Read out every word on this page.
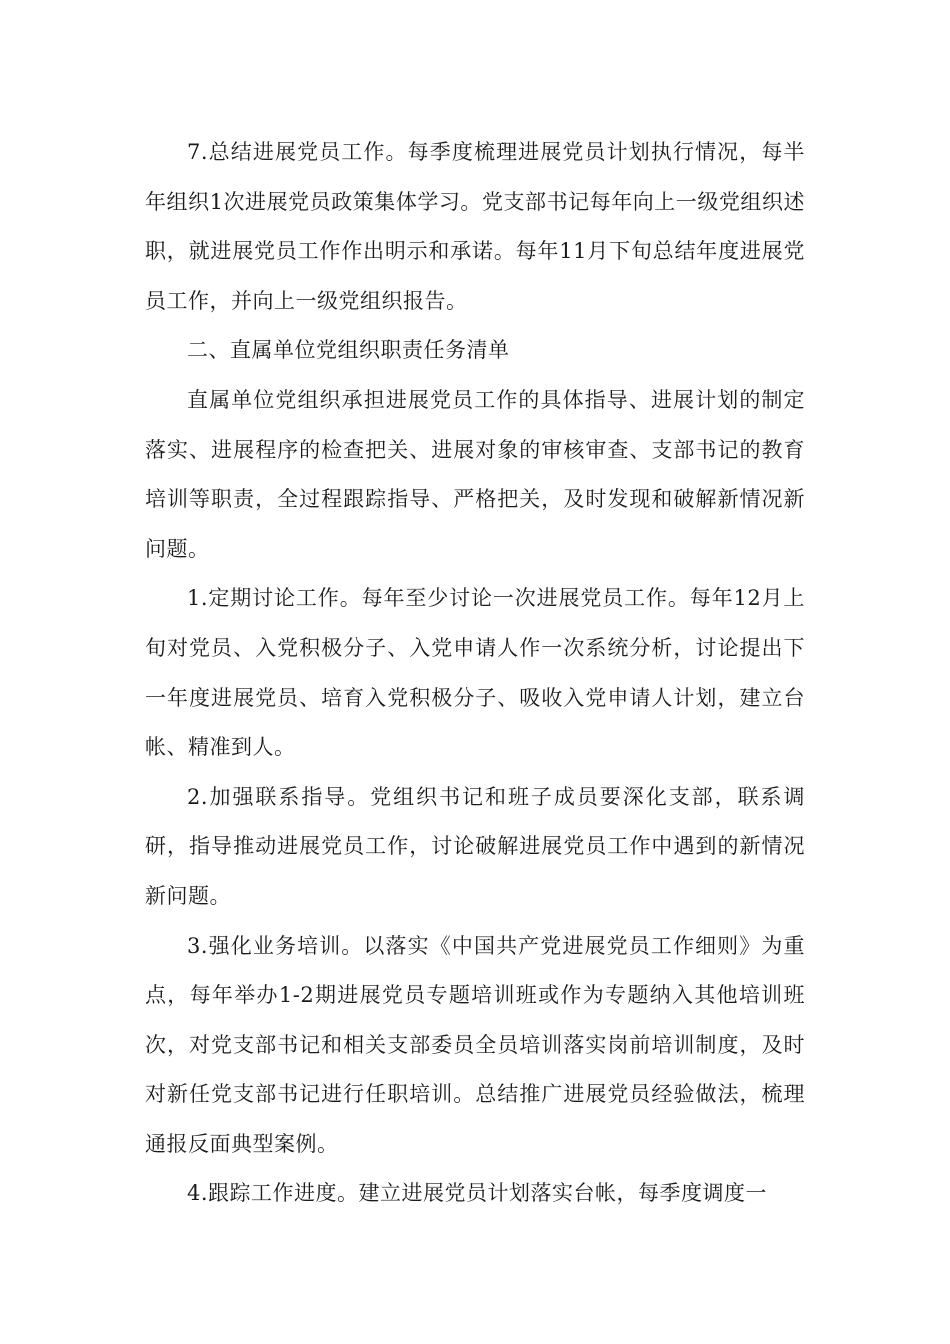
7.总结进展党员工作。每季度梳理进展党员计划执行情况，每半年组织1次进展党员政策集体学习。党支部书记每年向上一级党组织述职，就进展党员工作作出明示和承诺。每年11月下旬总结年度进展党员工作，并向上一级党组织报告。

二、直属单位党组织职责任务清单

直属单位党组织承担进展党员工作的具体指导、进展计划的制定落实、进展程序的检查把关、进展对象的审核审查、支部书记的教育培训等职责，全过程跟踪指导、严格把关，及时发现和破解新情况新问题。

1.定期讨论工作。每年至少讨论一次进展党员工作。每年12月上旬对党员、入党积极分子、入党申请人作一次系统分析，讨论提出下一年度进展党员、培育入党积极分子、吸收入党申请人计划，建立台帐、精准到人。

2.加强联系指导。党组织书记和班子成员要深化支部，联系调研，指导推动进展党员工作，讨论破解进展党员工作中遇到的新情况新问题。

3.强化业务培训。以落实《中国共产党进展党员工作细则》为重点，每年举办1-2期进展党员专题培训班或作为专题纳入其他培训班次，对党支部书记和相关支部委员全员培训落实岗前培训制度，及时对新任党支部书记进行任职培训。总结推广进展党员经验做法，梳理通报反面典型案例。

4.跟踪工作进度。建立进展党员计划落实台帐，每季度调度一
